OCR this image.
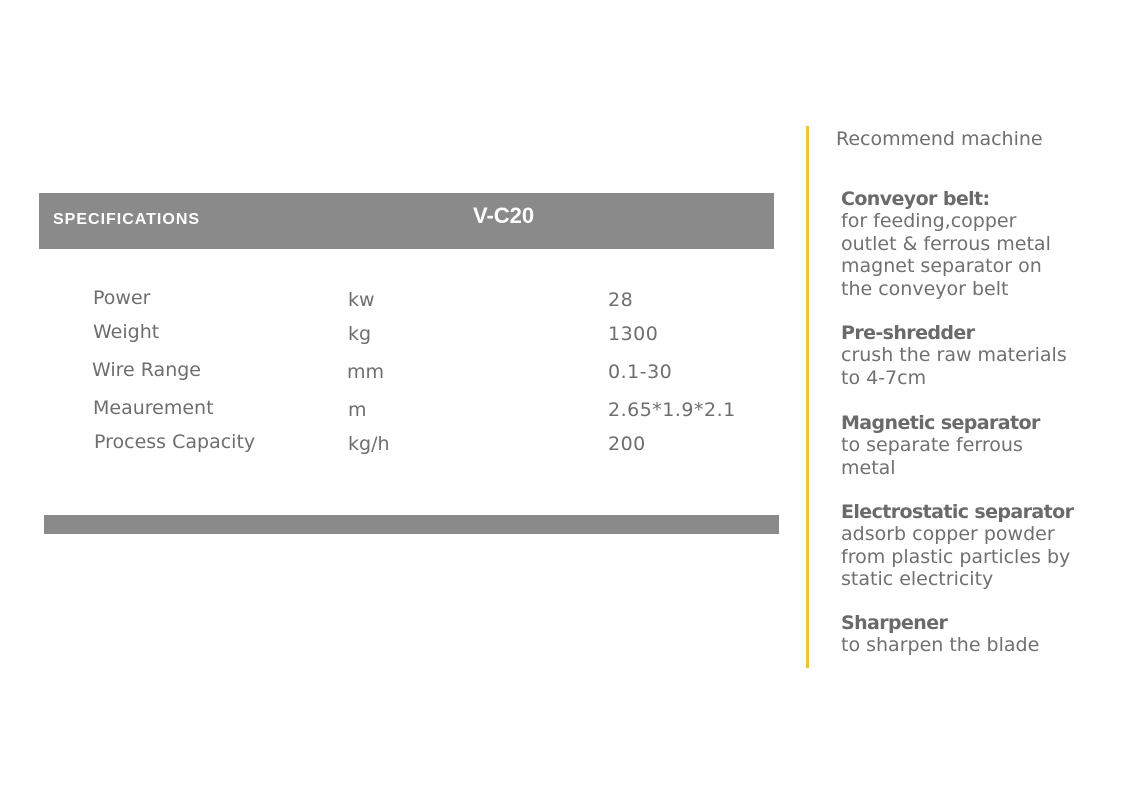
SPECIFICATIONS	V-C20
Power	kw	28
Weight	kg	1300
Wire Range	mm	0.1-30
Meaurement	m	2.65*1.9*2.1
Process Capacity	kg/h	200
Recommend machine
Conveyor belt:
for feeding,copper
outlet & ferrous metal
magnet separator on
the conveyor belt
Pre-shredder
crush the raw materials
to 4-7cm
Magnetic separator
to separate ferrous
metal
Electrostatic separator
adsorb copper powder
from plastic particles by
static electricity
Sharpener
to sharpen the blade
